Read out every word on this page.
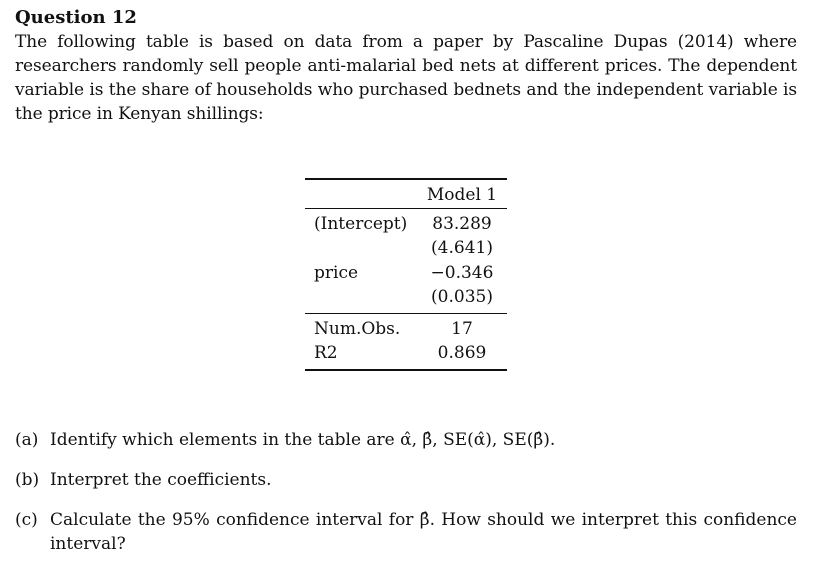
Question 12

The following table is based on data from a paper by Pascaline Dupas (2014) where researchers randomly sell people anti-malarial bed nets at different prices. The dependent variable is the share of households who purchased bednets and the independent variable is the price in Kenyan shillings:

	Model 1
(Intercept)	83.289
	(4.641)
price	−0.346
	(0.035)
Num.Obs.	17
R2	0.869
(a) Identify which elements in the table are α̂, β̂, SE(α̂), SE(β̂).
(b) Interpret the coefficients.
(c) Calculate the 95% confidence interval for β̂. How should we interpret this confidence interval?
